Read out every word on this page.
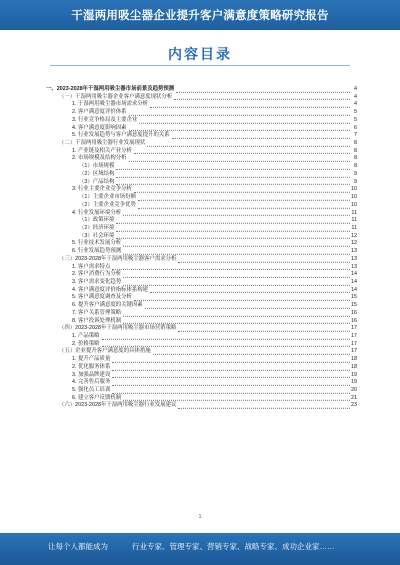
干湿两用吸尘器企业提升客户满意度策略研究报告
内容目录
一、2023-2028年干湿两用吸尘器市场前景及趋势预测	4
（一）干湿两用吸尘器企业客户满意度现状分析	4
1. 干湿两用吸尘器市场需求分析	4
2. 客户满意度评价体系	5
3. 行业竞争格局及主要企业	5
4. 客户满意度影响因素	6
5. 行业发展趋势与客户满意度提升的关系	7
（二）干湿两用吸尘器行业发展现状	8
1. 产业链及相关产业分析	8
2. 市场规模及结构分析	8
（1）市场规模	8
（2）区域结构	9
（3）产品结构	9
3. 行业主要企业竞争分析	10
（1）主要企业市场份额	10
（2）主要企业竞争优势	10
4. 行业发展环境分析	11
（1）政策环境	11
（2）经济环境	11
（3）社会环境	12
5. 行业技术发展分析	12
6. 行业发展趋势预测	13
（三）2023-2028年干湿两用吸尘器客户需求分析	13
1. 客户需求特点	13
2. 客户消费行为分析	14
3. 客户需求变化趋势	14
4. 客户满意度评价指标体系构建	14
5. 客户满意度调查及分析	15
6. 提升客户满意度的关键因素	15
7. 客户关系管理策略	16
8. 客户投诉处理机制	16
（四）2023-2028年干湿两用吸尘器市场营销策略	17
1. 产品策略	17
2. 价格策略	17
（五）企业提升客户满意度的具体措施	17
1. 提升产品质量	18
2. 优化服务体系	18
3. 加强品牌建设	19
4. 完善售后服务	19
5. 强化员工培训	20
6. 建立客户反馈机制	21
（六）2023-2028年干湿两用吸尘器行业发展建议	23
1
让每个人都能成为	行业专家、管理专家、营销专家、战略专家、成功企业家……
